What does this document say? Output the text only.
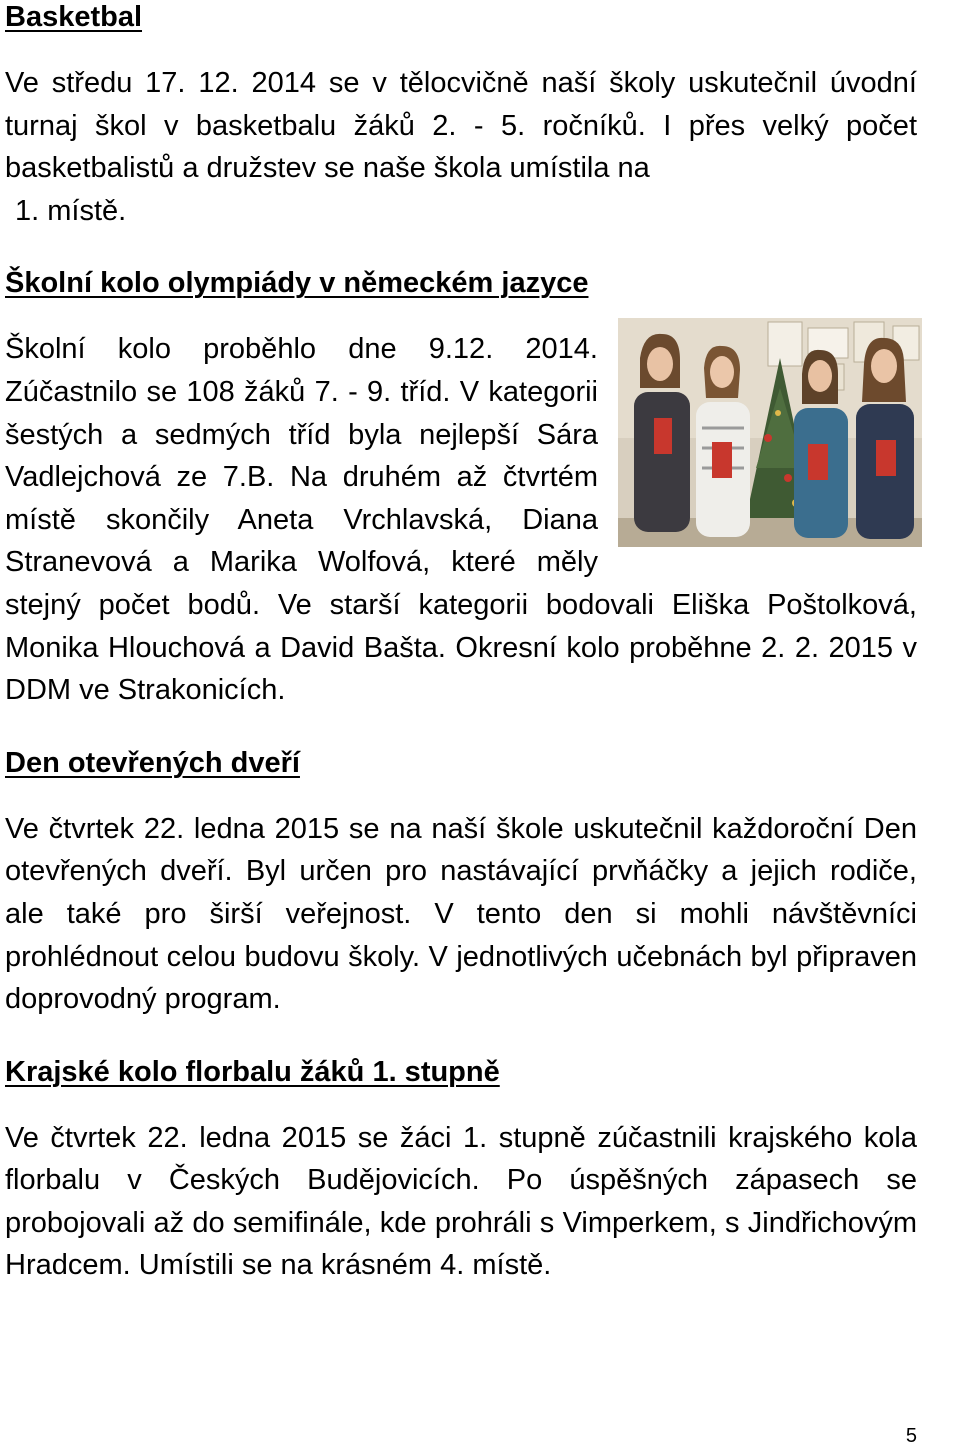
Basketbal

Ve středu 17. 12. 2014 se v tělocvičně naší školy uskutečnil úvodní turnaj škol v basketbalu žáků 2. - 5. ročníků. I přes velký počet basketbalistů a družstev se naše škola umístila na
1. místě.

Školní kolo olympiády v německém jazyce

Školní kolo proběhlo dne 9.12. 2014. Zúčastnilo se 108 žáků 7. - 9. tříd. V kategorii šestých a sedmých tříd byla nejlepší Sára Vadlejchová ze 7.B. Na druhém až čtvrtém místě skončily Aneta Vrchlavská, Diana Stranevová a Marika Wolfová, které měly stejný počet bodů. Ve starší kategorii bodovali Eliška Poštolková, Monika Hlouchová a David Bašta. Okresní kolo proběhne 2. 2. 2015 v DDM ve Strakonicích.

Den otevřených dveří

Ve čtvrtek 22. ledna 2015 se na naší škole uskutečnil každoroční Den otevřených dveří. Byl určen pro nastávající prvňáčky a jejich rodiče, ale také pro širší veřejnost. V tento den si mohli návštěvníci prohlédnout celou budovu školy. V jednotlivých učebnách byl připraven doprovodný program.

Krajské kolo florbalu žáků 1. stupně

Ve čtvrtek 22. ledna 2015 se žáci 1. stupně zúčastnili krajského kola florbalu v Českých Budějovicích. Po úspěšných zápasech se probojovali až do semifinále, kde prohráli s Vimperkem, s Jindřichovým Hradcem. Umístili se na krásném 4. místě.

5
